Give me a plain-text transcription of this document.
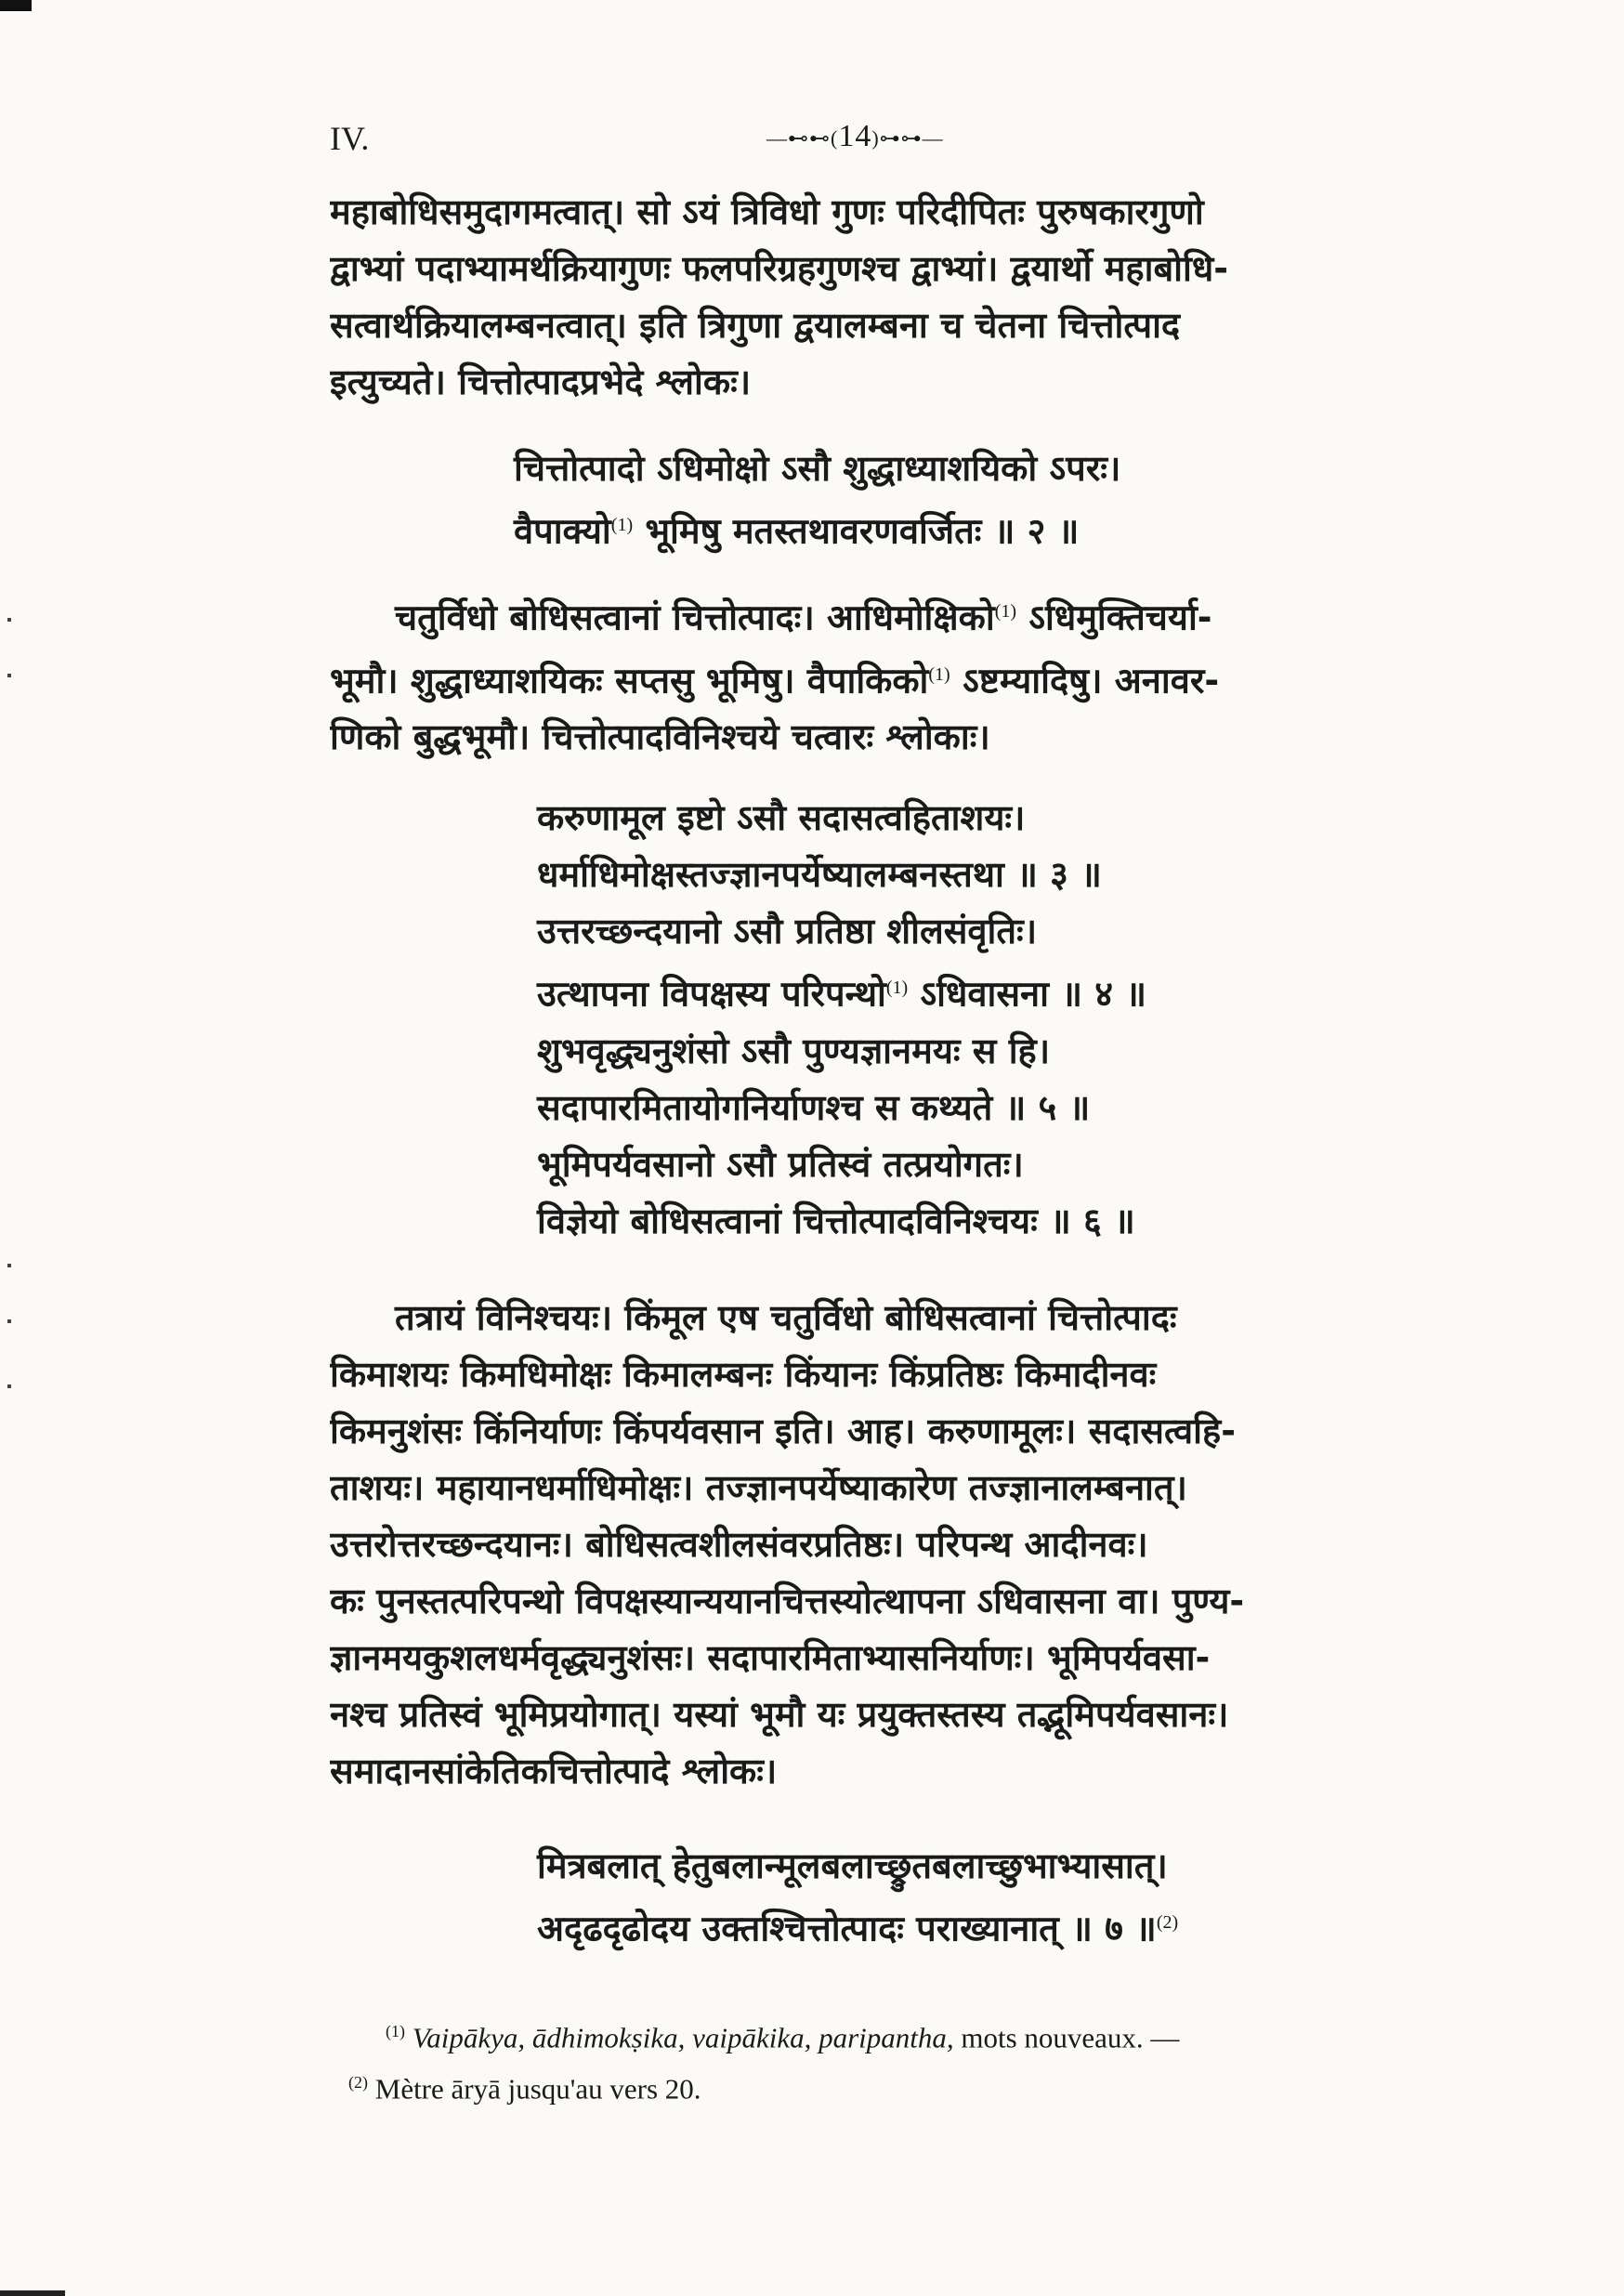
IV.	—⊷⊷(14)⊶⊶—
महाबोधिसमुदागमत्वात्। सो ऽयं त्रिविधो गुणः परिदीपितः पुरुषकारगुणो
द्वाभ्यां पदाभ्यामर्थक्रियागुणः फलपरिग्रहगुणश्च द्वाभ्यां। द्वयार्थो महाबोधि-
सत्वार्थक्रियालम्बनत्वात्। इति त्रिगुणा द्वयालम्बना च चेतना चित्तोत्पाद
इत्युच्यते। चित्तोत्पादप्रभेदे श्लोकः।
चित्तोत्पादो ऽधिमोक्षो ऽसौ शुद्धाध्याशयिको ऽपरः।
वैपाक्यो$^{(1)}$ भूमिषु मतस्तथावरणवर्जितः ॥ २ ॥
चतुर्विधो बोधिसत्वानां चित्तोत्पादः। आधिमोक्षिको$^{(1)}$ ऽधिमुक्तिचर्या-
भूमौ। शुद्धाध्याशयिकः सप्तसु भूमिषु। वैपाकिको$^{(1)}$ ऽष्टम्यादिषु। अनावर-
णिको बुद्धभूमौ। चित्तोत्पादविनिश्चये चत्वारः श्लोकाः।
करुणामूल इष्टो ऽसौ सदासत्वहिताशयः।
धर्माधिमोक्षस्तज्ज्ञानपर्येष्यालम्बनस्तथा ॥ ३ ॥
उत्तरच्छन्दयानो ऽसौ प्रतिष्ठा शीलसंवृतिः।
उत्थापना विपक्षस्य परिपन्थो$^{(1)}$ ऽधिवासना ॥ ४ ॥
शुभवृद्ध्यनुशंसो ऽसौ पुण्यज्ञानमयः स हि।
सदापारमितायोगनिर्याणश्च स कथ्यते ॥ ५ ॥
भूमिपर्यवसानो ऽसौ प्रतिस्वं तत्प्रयोगतः।
विज्ञेयो बोधिसत्वानां चित्तोत्पादविनिश्चयः ॥ ६ ॥
तत्रायं विनिश्चयः। किंमूल एष चतुर्विधो बोधिसत्वानां चित्तोत्पादः
किमाशयः किमधिमोक्षः किमालम्बनः किंयानः किंप्रतिष्ठः किमादीनवः
किमनुशंसः किंनिर्याणः किंपर्यवसान इति। आह। करुणामूलः। सदासत्वहि-
ताशयः। महायानधर्माधिमोक्षः। तज्ज्ञानपर्येष्याकारेण तज्ज्ञानालम्बनात्।
उत्तरोत्तरच्छन्दयानः। बोधिसत्वशीलसंवरप्रतिष्ठः। परिपन्थ आदीनवः।
कः पुनस्तत्परिपन्थो विपक्षस्यान्ययानचित्तस्योत्थापना ऽधिवासना वा। पुण्य-
ज्ञानमयकुशलधर्मवृद्ध्यनुशंसः। सदापारमिताभ्यासनिर्याणः। भूमिपर्यवसा-
नश्च प्रतिस्वं भूमिप्रयोगात्। यस्यां भूमौ यः प्रयुक्तस्तस्य तद्भूमिपर्यवसानः।
समादानसांकेतिकचित्तोत्पादे श्लोकः।
मित्रबलात् हेतुबलान्मूलबलाच्छ्रुतबलाच्छुभाभ्यासात्।
अदृढदृढोदय उक्तश्चित्तोत्पादः पराख्यानात् ॥ ७ ॥$^{(2)}$
$^{(1)}$ Vaipākya, ādhimokṣika, vaipākika, paripantha, mots nouveaux. —
$^{(2)}$ Mètre āryā jusqu'au vers 20.
